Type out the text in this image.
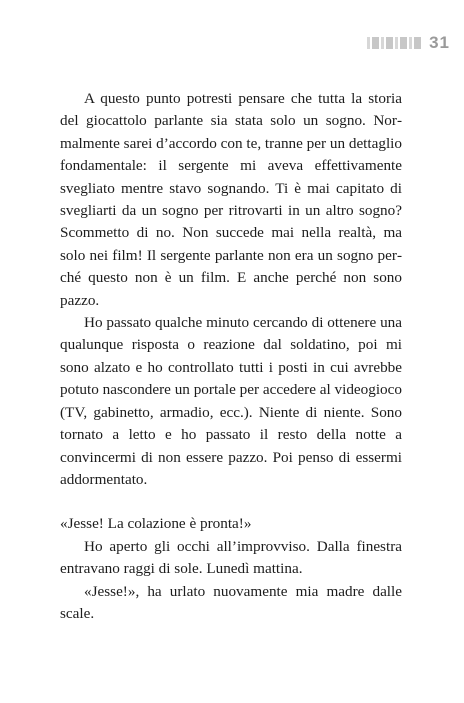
31

A questo punto potresti pensare che tutta la storia del giocattolo parlante sia stata solo un sogno. Normalmente sarei d’accordo con te, tranne per un dettaglio fondamentale: il sergente mi aveva effettivamente svegliato mentre stavo sognando. Ti è mai capitato di svegliarti da un sogno per ritrovarti in un altro sogno? Scommetto di no. Non succede mai nella realtà, ma solo nei film! Il sergente parlante non era un sogno perché questo non è un film. E anche perché non sono pazzo.

Ho passato qualche minuto cercando di ottenere una qualunque risposta o reazione dal soldatino, poi mi sono alzato e ho controllato tutti i posti in cui avrebbe potuto nascondere un portale per accedere al videogioco (TV, gabinetto, armadio, ecc.). Niente di niente. Sono tornato a letto e ho passato il resto della notte a convincermi di non essere pazzo. Poi penso di essermi addormentato.

«Jesse! La colazione è pronta!»

Ho aperto gli occhi all’improvviso. Dalla finestra entravano raggi di sole. Lunedì mattina.

«Jesse!», ha urlato nuovamente mia madre dalle scale.
